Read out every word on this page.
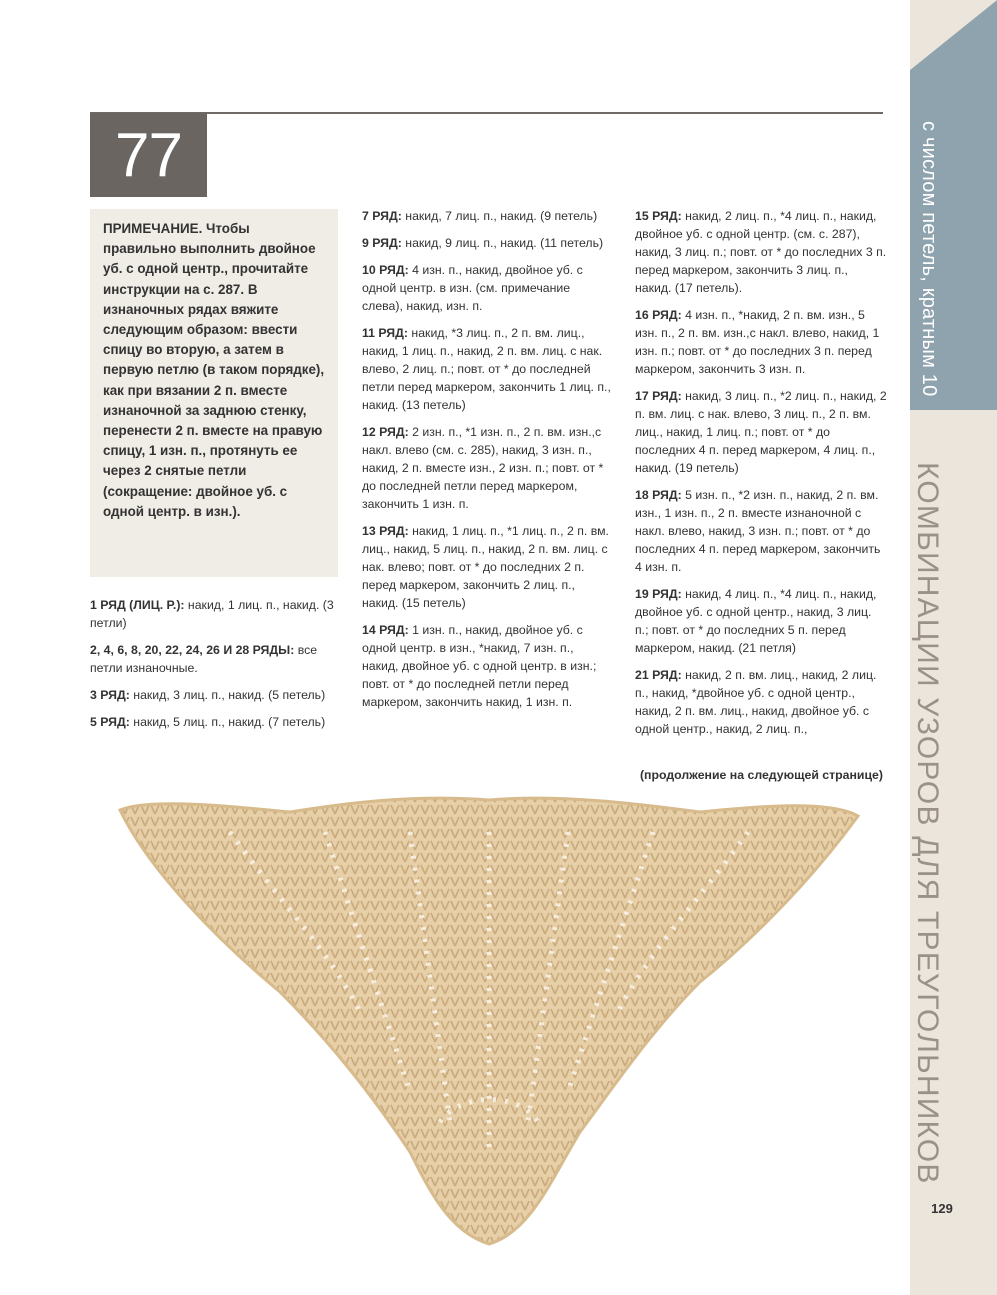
с числом петель, кратным 10
КОМБИНАЦИИ УЗОРОВ ДЛЯ ТРЕУГОЛЬНИКОВ
77
ПРИМЕЧАНИЕ. Чтобы правильно выполнить двойное уб. с одной центр., прочитайте инструкции на с. 287. В изнаночных рядах вяжите следующим образом: ввести спицу во вторую, а затем в первую петлю (в таком порядке), как при вязании 2 п. вместе изнаночной за заднюю стенку, перенести 2 п. вместе на правую спицу, 1 изн. п., протянуть ее через 2 снятые петли (сокращение: двойное уб. с одной центр. в изн.).

1 РЯД (ЛИЦ. Р.): накид, 1 лиц. п., накид. (3 петли)

2, 4, 6, 8, 20, 22, 24, 26 И 28 РЯДЫ: все петли изнаночные.

3 РЯД: накид, 3 лиц. п., накид. (5 петель)

5 РЯД: накид, 5 лиц. п., накид. (7 петель)

7 РЯД: накид, 7 лиц. п., накид. (9 петель)

9 РЯД: накид, 9 лиц. п., накид. (11 петель)

10 РЯД: 4 изн. п., накид, двойное уб. с одной центр. в изн. (см. примечание слева), накид, изн. п.

11 РЯД: накид, *3 лиц. п., 2 п. вм. лиц., накид, 1 лиц. п., накид, 2 п. вм. лиц. с нак. влево, 2 лиц. п.; повт. от * до последней петли перед маркером, закончить 1 лиц. п., накид. (13 петель)

12 РЯД: 2 изн. п., *1 изн. п., 2 п. вм. изн.,с накл. влево (см. с. 285), накид, 3 изн. п., накид, 2 п. вместе изн., 2 изн. п.; повт. от * до последней петли перед маркером, закончить 1 изн. п.

13 РЯД: накид, 1 лиц. п., *1 лиц. п., 2 п. вм. лиц., накид, 5 лиц. п., накид, 2 п. вм. лиц. с нак. влево; повт. от * до последних 2 п. перед маркером, закончить 2 лиц. п., накид. (15 петель)

14 РЯД: 1 изн. п., накид, двойное уб. с одной центр. в изн., *накид, 7 изн. п., накид, двойное уб. с одной центр. в изн.; повт. от * до последней петли перед маркером, закончить накид, 1 изн. п.

15 РЯД: накид, 2 лиц. п., *4 лиц. п., накид, двойное уб. с одной центр. (см. с. 287), накид, 3 лиц. п.; повт. от * до последних 3 п. перед маркером, закончить 3 лиц. п., накид. (17 петель).

16 РЯД: 4 изн. п., *накид, 2 п. вм. изн., 5 изн. п., 2 п. вм. изн.,с накл. влево, накид, 1 изн. п.; повт. от * до последних 3 п. перед маркером, закончить 3 изн. п.

17 РЯД: накид, 3 лиц. п., *2 лиц. п., накид, 2 п. вм. лиц. с нак. влево, 3 лиц. п., 2 п. вм. лиц., накид, 1 лиц. п.; повт. от * до последних 4 п. перед маркером, 4 лиц. п., накид. (19 петель)

18 РЯД: 5 изн. п., *2 изн. п., накид, 2 п. вм. изн., 1 изн. п., 2 п. вместе изнаночной с накл. влево, накид, 3 изн. п.; повт. от * до последних 4 п. перед маркером, закончить 4 изн. п.

19 РЯД: накид, 4 лиц. п., *4 лиц. п., накид, двойное уб. с одной центр., накид, 3 лиц. п.; повт. от * до последних 5 п. перед маркером, накид. (21 петля)

21 РЯД: накид, 2 п. вм. лиц., накид, 2 лиц. п., накид, *двойное уб. с одной центр., накид, 2 п. вм. лиц., накид, двойное уб. с одной центр., накид, 2 лиц. п.,

(продолжение на следующей странице)
129
